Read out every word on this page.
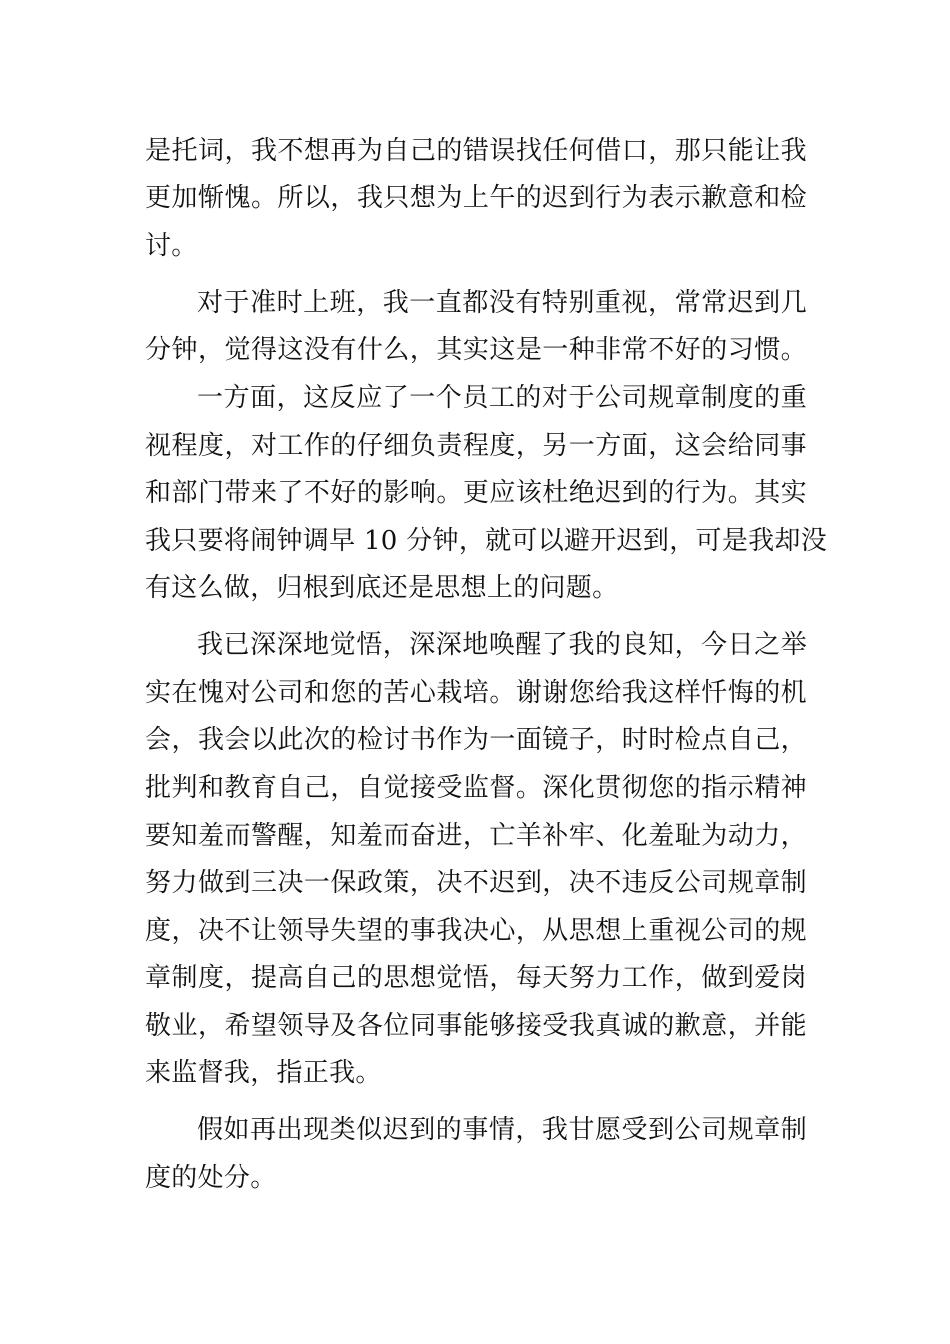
是托词，我不想再为自己的错误找任何借口，那只能让我
更加惭愧。所以，我只想为上午的迟到行为表示歉意和检
讨。
对于准时上班，我一直都没有特别重视，常常迟到几
分钟，觉得这没有什么，其实这是一种非常不好的习惯。
一方面，这反应了一个员工的对于公司规章制度的重
视程度，对工作的仔细负责程度，另一方面，这会给同事
和部门带来了不好的影响。更应该杜绝迟到的行为。其实
我只要将闹钟调早 10 分钟，就可以避开迟到，可是我却没
有这么做，归根到底还是思想上的问题。
我已深深地觉悟，深深地唤醒了我的良知，今日之举
实在愧对公司和您的苦心栽培。谢谢您给我这样忏悔的机
会，我会以此次的检讨书作为一面镜子，时时检点自己，
批判和教育自己，自觉接受监督。深化贯彻您的指示精神
要知羞而警醒，知羞而奋进，亡羊补牢、化羞耻为动力，
努力做到三决一保政策，决不迟到，决不违反公司规章制
度，决不让领导失望的事我决心，从思想上重视公司的规
章制度，提高自己的思想觉悟，每天努力工作，做到爱岗
敬业，希望领导及各位同事能够接受我真诚的歉意，并能
来监督我，指正我。
假如再出现类似迟到的事情，我甘愿受到公司规章制
度的处分。
